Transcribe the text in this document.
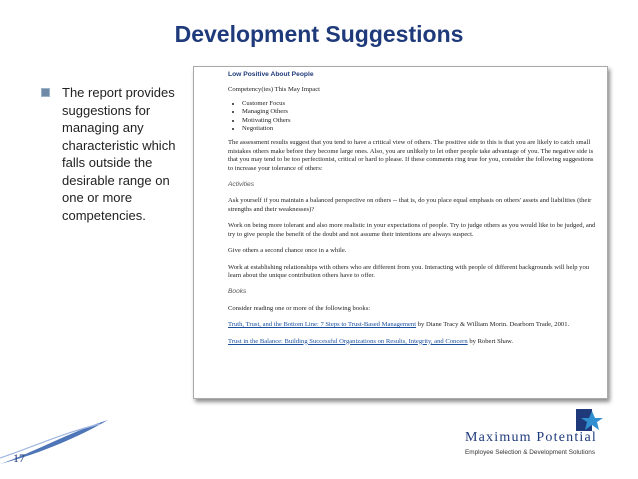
Development Suggestions
The report provides suggestions for managing any characteristic which falls outside the desirable range on one or more competencies.
Low Positive About People
Competency(ies) This May Impact
• Customer Focus
• Managing Others
• Motivating Others
• Negotiation

The assessment results suggest that you tend to have a critical view of others. The positive side to this is that you are likely to catch small mistakes others make before they become large ones. Also, you are unlikely to let other people take advantage of you. The negative side is that you may tend to be too perfectionist, critical or hard to please. If these comments ring true for you, consider the following suggestions to increase your tolerance of others:

Activities

Ask yourself if you maintain a balanced perspective on others -- that is, do you place equal emphasis on others' assets and liabilities (their strengths and their weaknesses)?

Work on being more tolerant and also more realistic in your expectations of people. Try to judge others as you would like to be judged, and try to give people the benefit of the doubt and not assume their intentions are always suspect.

Give others a second chance once in a while.

Work at establishing relationships with others who are different from you. Interacting with people of different backgrounds will help you learn about the unique contribution others have to offer.

Books

Consider reading one or more of the following books:

Truth, Trust, and the Bottom Line: 7 Steps to Trust-Based Management by Diane Tracy & William Morin. Dearborn Trade, 2001.

Trust in the Balance: Building Successful Organizations on Results, Integrity, and Concern by Robert Shaw.

17
Maximum Potential
Employee Selection & Development Solutions
